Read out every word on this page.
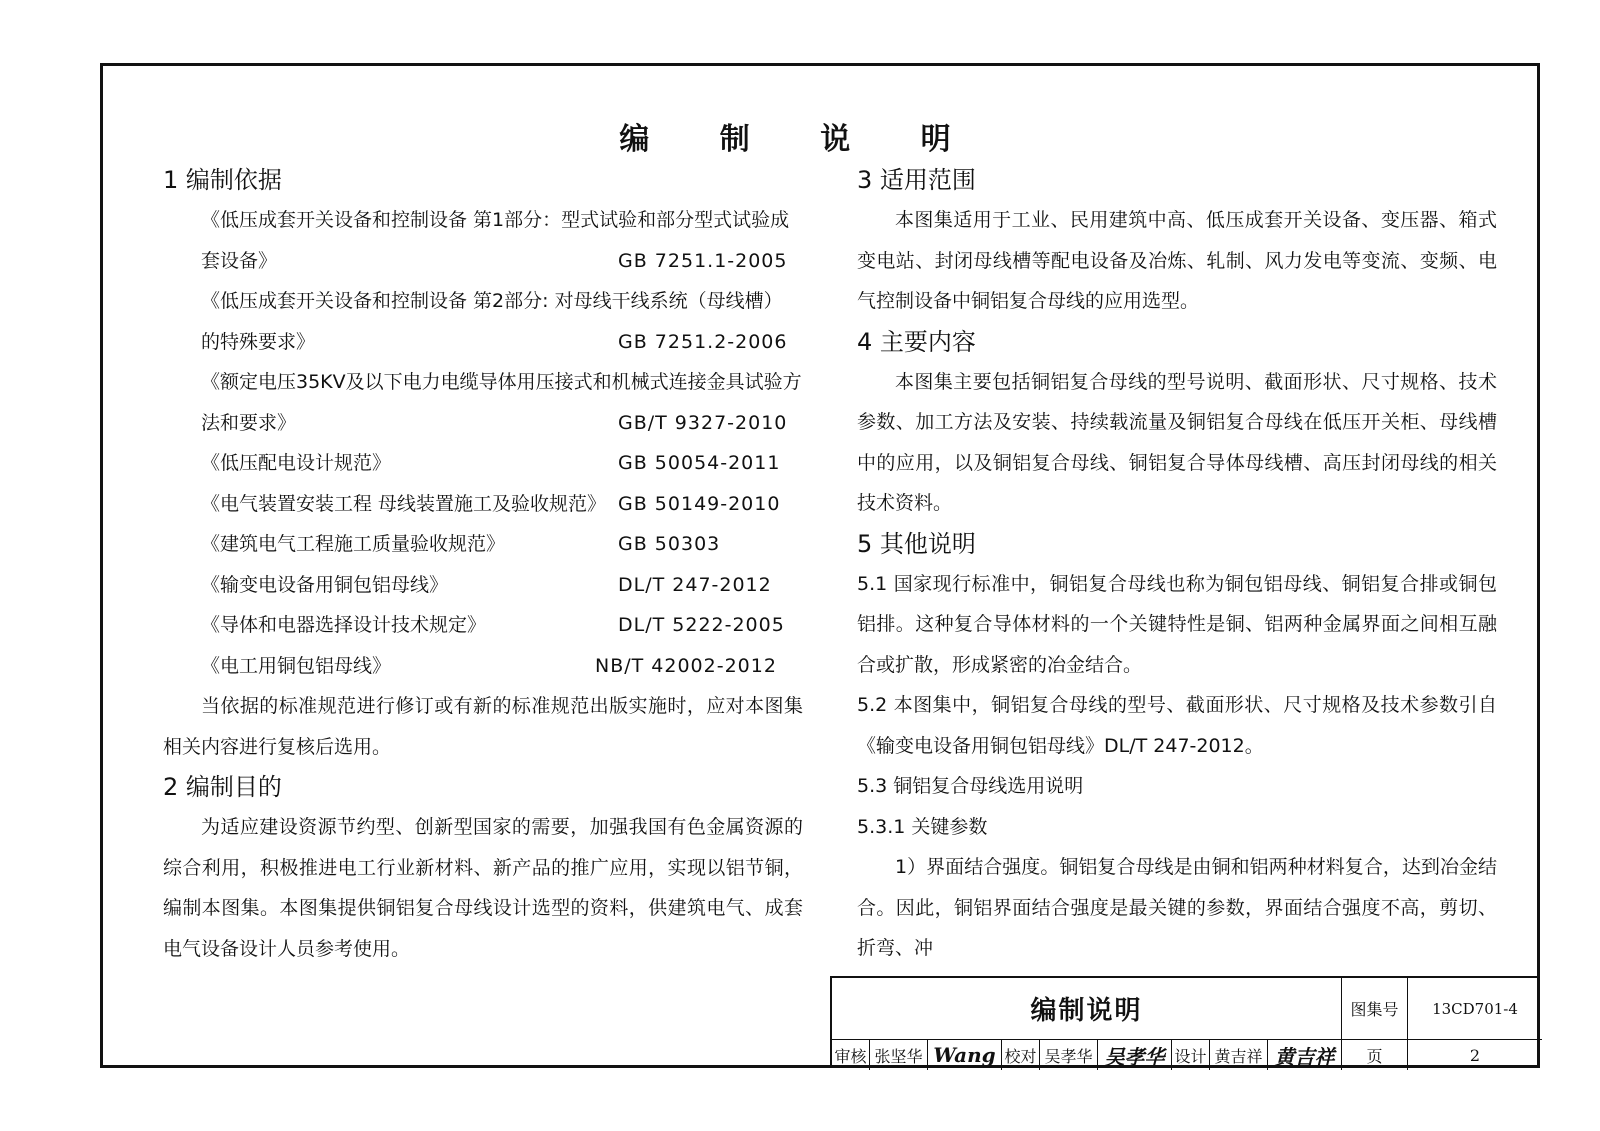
编 制 说 明
1 编制依据
《低压成套开关设备和控制设备 第1部分：型式试验和部分型式试验成
套设备》	GB 7251.1-2005
《低压成套开关设备和控制设备 第2部分: 对母线干线系统（母线槽）
的特殊要求》	GB 7251.2-2006
《额定电压35KV及以下电力电缆导体用压接式和机械式连接金具试验方
法和要求》	GB/T 9327-2010
《低压配电设计规范》	GB 50054-2011
《电气装置安装工程 母线装置施工及验收规范》 GB 50149-2010
《建筑电气工程施工质量验收规范》	GB 50303
《输变电设备用铜包铝母线》	DL/T 247-2012
《导体和电器选择设计技术规定》	DL/T 5222-2005
《电工用铜包铝母线》	NB/T 42002-2012

当依据的标准规范进行修订或有新的标准规范出版实施时，应对本图集相关内容进行复核后选用。

2 编制目的

为适应建设资源节约型、创新型国家的需要，加强我国有色金属资源的综合利用，积极推进电工行业新材料、新产品的推广应用，实现以铝节铜，编制本图集。本图集提供铜铝复合母线设计选型的资料，供建筑电气、成套电气设备设计人员参考使用。

3 适用范围

本图集适用于工业、民用建筑中高、低压成套开关设备、变压器、箱式变电站、封闭母线槽等配电设备及冶炼、轧制、风力发电等变流、变频、电气控制设备中铜铝复合母线的应用选型。

4 主要内容

本图集主要包括铜铝复合母线的型号说明、截面形状、尺寸规格、技术参数、加工方法及安装、持续载流量及铜铝复合母线在低压开关柜、母线槽中的应用，以及铜铝复合母线、铜铝复合导体母线槽、高压封闭母线的相关技术资料。

5 其他说明

5.1 国家现行标准中，铜铝复合母线也称为铜包铝母线、铜铝复合排或铜包铝排。这种复合导体材料的一个关键特性是铜、铝两种金属界面之间相互融合或扩散，形成紧密的冶金结合。

5.2 本图集中，铜铝复合母线的型号、截面形状、尺寸规格及技术参数引自《输变电设备用铜包铝母线》DL/T 247-2012。

5.3 铜铝复合母线选用说明

5.3.1 关键参数

1）界面结合强度。铜铝复合母线是由铜和铝两种材料复合，达到冶金结合。因此，铜铝界面结合强度是最关键的参数，界面结合强度不高，剪切、折弯、冲

编制说明	图集号	13CD701-4
审核 张坚华 Wang 校对 吴孝华 吴孝华 设计 黄吉祥 黄吉祥	页	2
